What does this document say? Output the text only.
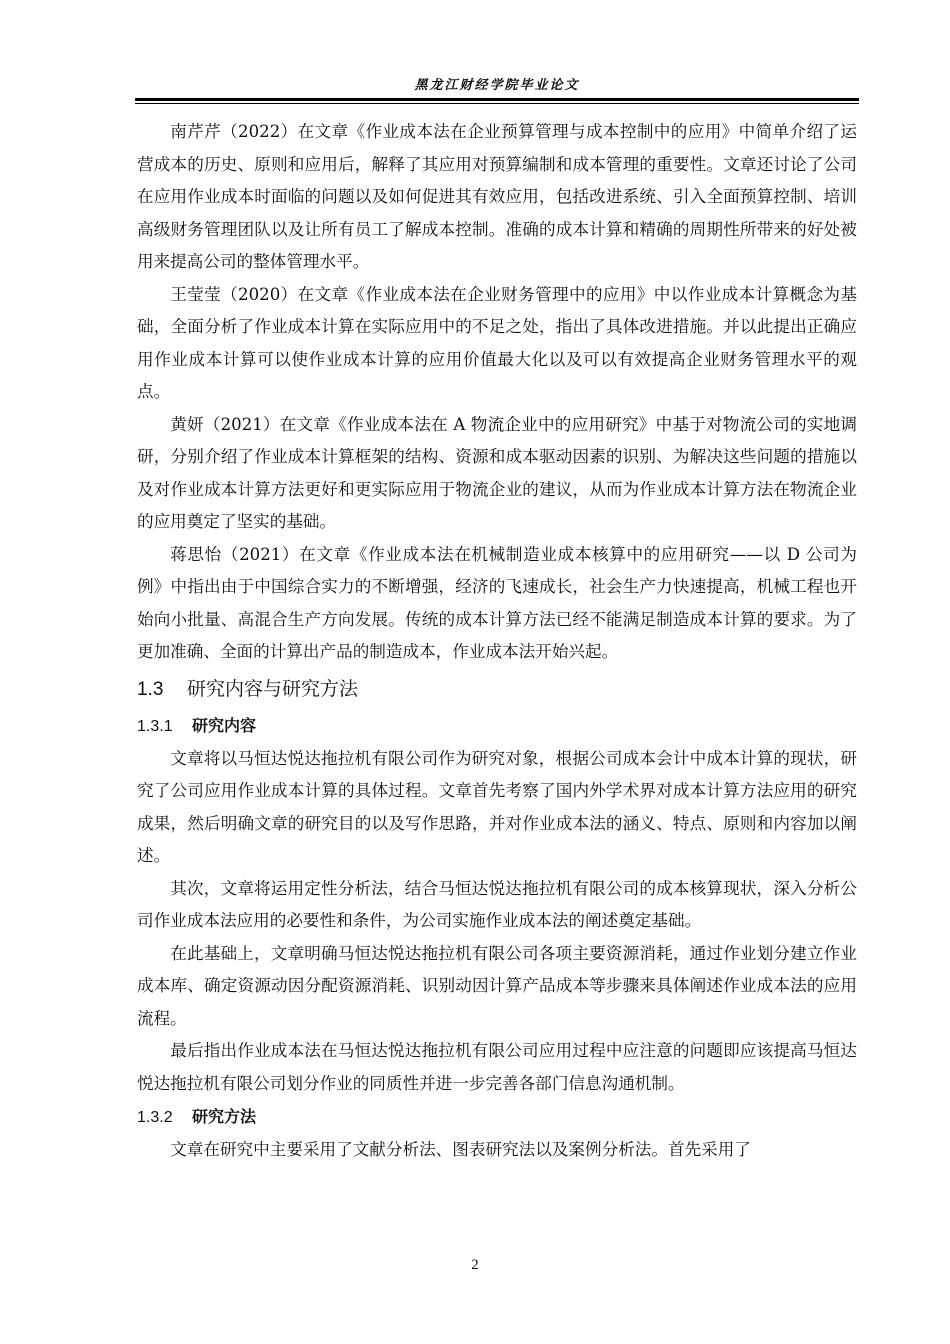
黑龙江财经学院毕业论文

南芹芹（2022）在文章《作业成本法在企业预算管理与成本控制中的应用》中简单介绍了运营成本的历史、原则和应用后，解释了其应用对预算编制和成本管理的重要性。文章还讨论了公司在应用作业成本时面临的问题以及如何促进其有效应用，包括改进系统、引入全面预算控制、培训高级财务管理团队以及让所有员工了解成本控制。准确的成本计算和精确的周期性所带来的好处被用来提高公司的整体管理水平。

王莹莹（2020）在文章《作业成本法在企业财务管理中的应用》中以作业成本计算概念为基础，全面分析了作业成本计算在实际应用中的不足之处，指出了具体改进措施。并以此提出正确应用作业成本计算可以使作业成本计算的应用价值最大化以及可以有效提高企业财务管理水平的观点。

黄妍（2021）在文章《作业成本法在 A 物流企业中的应用研究》中基于对物流公司的实地调研，分别介绍了作业成本计算框架的结构、资源和成本驱动因素的识别、为解决这些问题的措施以及对作业成本计算方法更好和更实际应用于物流企业的建议，从而为作业成本计算方法在物流企业的应用奠定了坚实的基础。

蒋思怡（2021）在文章《作业成本法在机械制造业成本核算中的应用研究——以 D 公司为例》中指出由于中国综合实力的不断增强，经济的飞速成长，社会生产力快速提高，机械工程也开始向小批量、高混合生产方向发展。传统的成本计算方法已经不能满足制造成本计算的要求。为了更加准确、全面的计算出产品的制造成本，作业成本法开始兴起。

1.3 研究内容与研究方法
1.3.1 研究内容

文章将以马恒达悦达拖拉机有限公司作为研究对象，根据公司成本会计中成本计算的现状，研究了公司应用作业成本计算的具体过程。文章首先考察了国内外学术界对成本计算方法应用的研究成果，然后明确文章的研究目的以及写作思路，并对作业成本法的涵义、特点、原则和内容加以阐述。

其次，文章将运用定性分析法，结合马恒达悦达拖拉机有限公司的成本核算现状，深入分析公司作业成本法应用的必要性和条件，为公司实施作业成本法的阐述奠定基础。

在此基础上，文章明确马恒达悦达拖拉机有限公司各项主要资源消耗，通过作业划分建立作业成本库、确定资源动因分配资源消耗、识别动因计算产品成本等步骤来具体阐述作业成本法的应用流程。

最后指出作业成本法在马恒达悦达拖拉机有限公司应用过程中应注意的问题即应该提高马恒达悦达拖拉机有限公司划分作业的同质性并进一步完善各部门信息沟通机制。

1.3.2 研究方法

文章在研究中主要采用了文献分析法、图表研究法以及案例分析法。首先采用了

2
